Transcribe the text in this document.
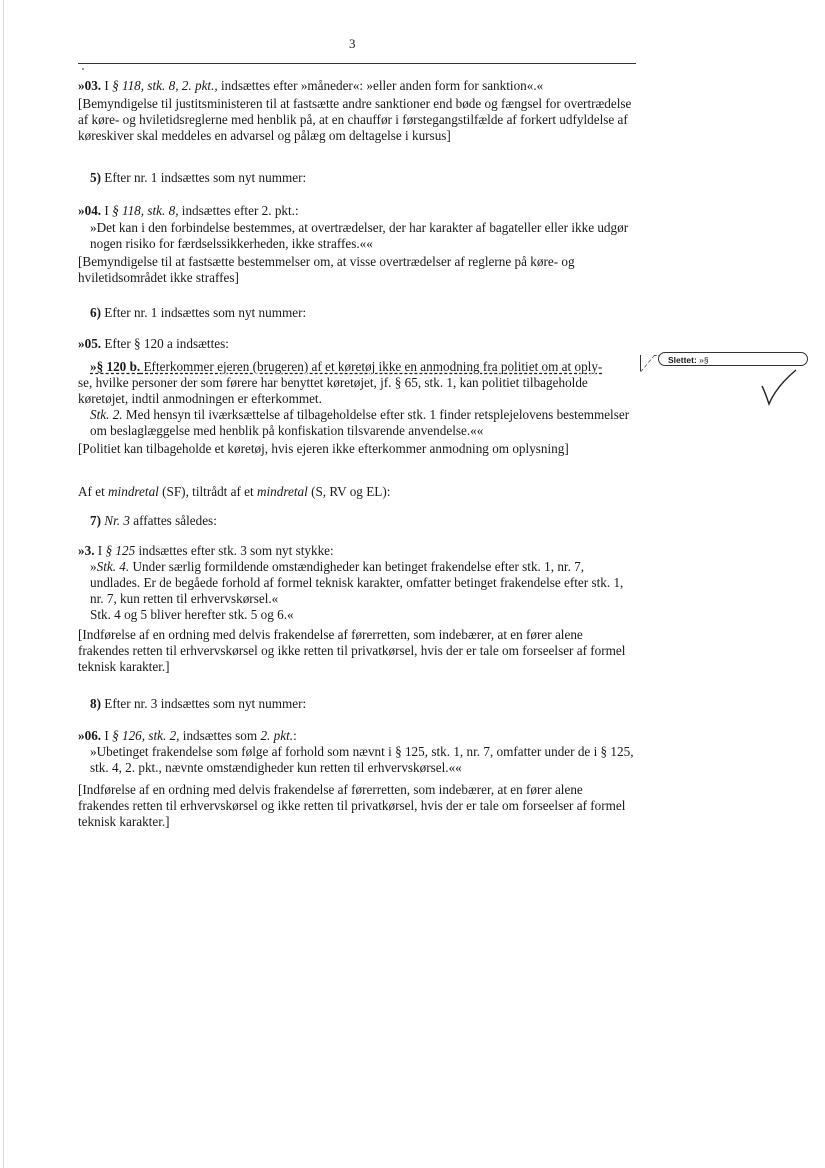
3

»03. I § 118, stk. 8, 2. pkt., indsættes efter »måneder«: »eller anden form for sanktion«.«

[Bemyndigelse til justitsministeren til at fastsætte andre sanktioner end bøde og fængsel for overtrædelse af køre- og hviletidsreglerne med henblik på, at en chauffør i førstegangstilfælde af forkert udfyldelse af køreskiver skal meddeles en advarsel og pålæg om deltagelse i kursus]

5) Efter nr. 1 indsættes som nyt nummer:

»04. I § 118, stk. 8, indsættes efter 2. pkt.:

»Det kan i den forbindelse bestemmes, at overtrædelser, der har karakter af bagateller eller ikke udgør nogen risiko for færdselssikkerheden, ikke straffes.««

[Bemyndigelse til at fastsætte bestemmelser om, at visse overtrædelser af reglerne på køre- og hviletidsområdet ikke straffes]

6) Efter nr. 1 indsættes som nyt nummer:

»05. Efter § 120 a indsættes:

»§ 120 b. Efterkommer ejeren (brugeren) af et køretøj ikke en anmodning fra politiet om at oply-

se, hvilke personer der som førere har benyttet køretøjet, jf. § 65, stk. 1, kan politiet tilbageholde køretøjet, indtil anmodningen er efterkommet.

Stk. 2. Med hensyn til iværksættelse af tilbageholdelse efter stk. 1 finder retsplejelovens bestemmelser om beslaglæggelse med henblik på konfiskation tilsvarende anvendelse.««

[Politiet kan tilbageholde et køretøj, hvis ejeren ikke efterkommer anmodning om oplysning]

Slettet: »§
Af et mindretal (SF), tiltrådt af et mindretal (S, RV og EL):
7) Nr. 3 affattes således:

»3. I § 125 indsættes efter stk. 3 som nyt stykke:

»Stk. 4. Under særlig formildende omstændigheder kan betinget frakendelse efter stk. 1, nr. 7, undlades. Er de begåede forhold af formel teknisk karakter, omfatter betinget frakendelse efter stk. 1, nr. 7, kun retten til erhvervskørsel.«

Stk. 4 og 5 bliver herefter stk. 5 og 6.«

[Indførelse af en ordning med delvis frakendelse af førerretten, som indebærer, at en fører alene frakendes retten til erhvervskørsel og ikke retten til privatkørsel, hvis der er tale om forseelser af formel teknisk karakter.]

8) Efter nr. 3 indsættes som nyt nummer:

»06. I § 126, stk. 2, indsættes som 2. pkt.:

»Ubetinget frakendelse som følge af forhold som nævnt i § 125, stk. 1, nr. 7, omfatter under de i § 125, stk. 4, 2. pkt., nævnte omstændigheder kun retten til erhvervskørsel.««

[Indførelse af en ordning med delvis frakendelse af førerretten, som indebærer, at en fører alene frakendes retten til erhvervskørsel og ikke retten til privatkørsel, hvis der er tale om forseelser af formel teknisk karakter.]
